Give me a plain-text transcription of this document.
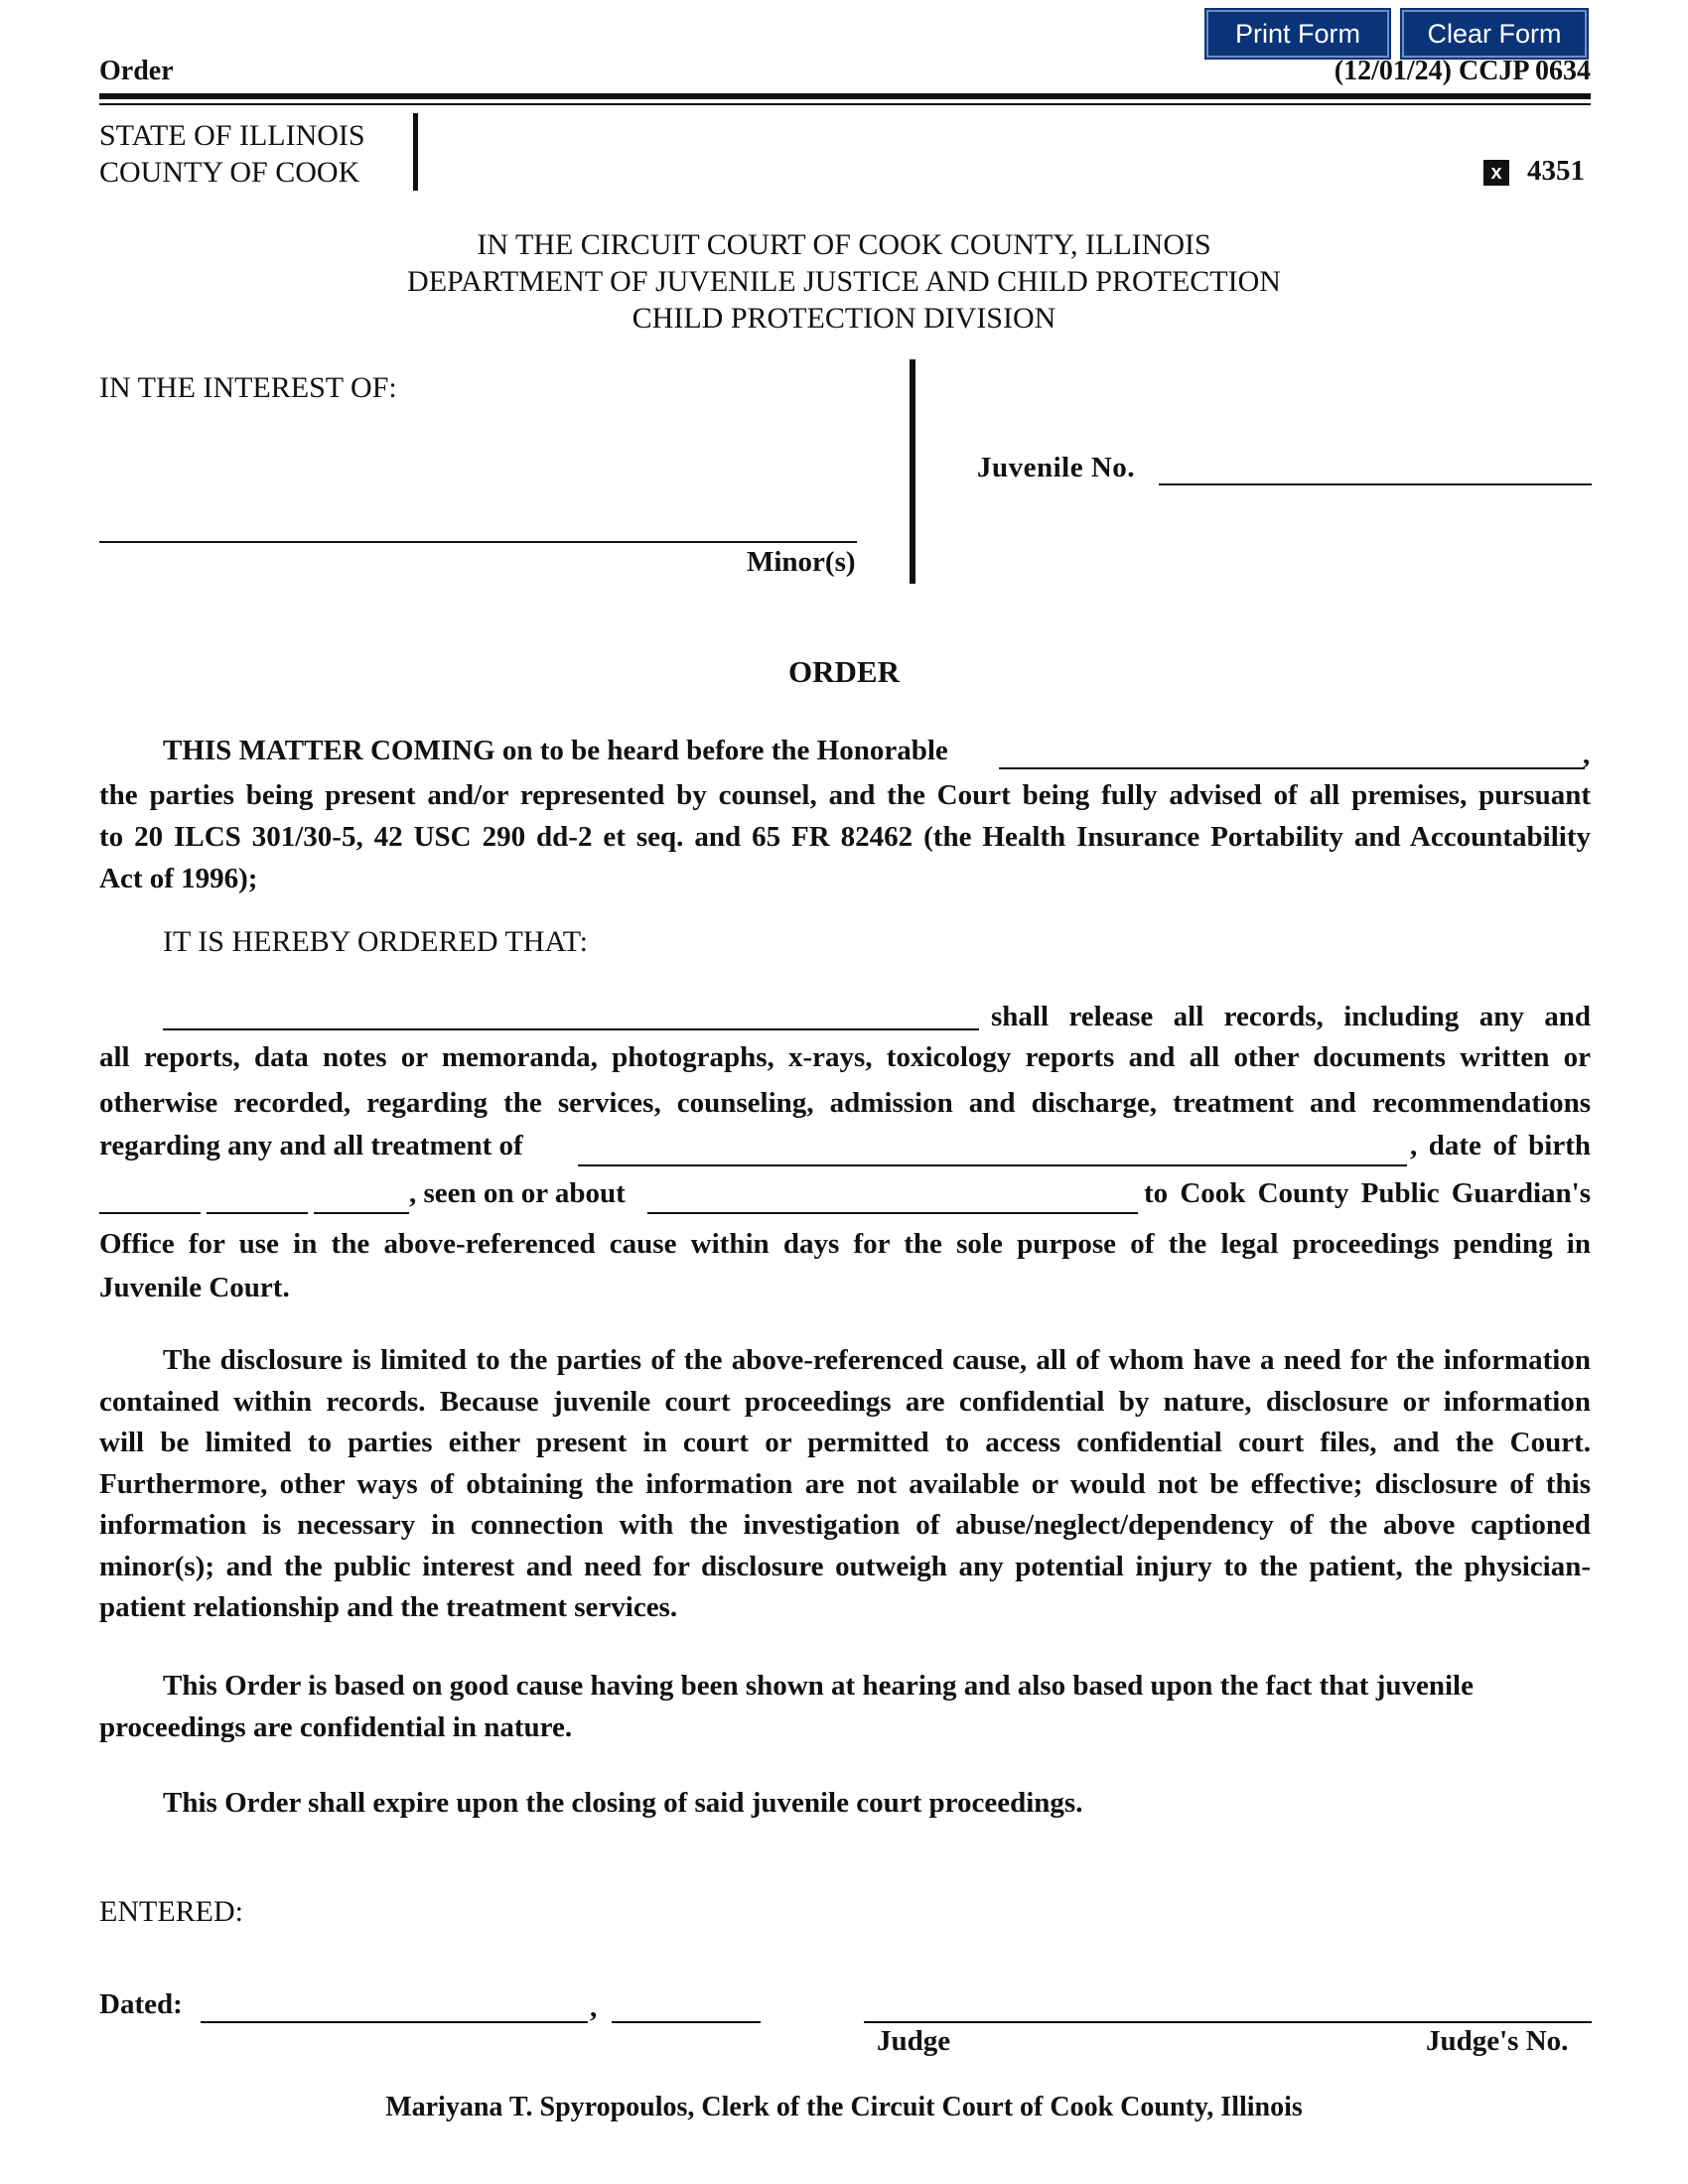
Print Form	Clear Form
Order	(12/01/24) CCJP 0634
STATE OF ILLINOIS
COUNTY OF COOK	x 4351
IN THE CIRCUIT COURT OF COOK COUNTY, ILLINOIS
DEPARTMENT OF JUVENILE JUSTICE AND CHILD PROTECTION
CHILD PROTECTION DIVISION
IN THE INTEREST OF:
Minor(s)
Juvenile No.
ORDER
THIS MATTER COMING on to be heard before the Honorable	,
the parties being present and/or represented by counsel, and the Court being fully advised of all premises, pursuant
to 20 ILCS 301/30-5, 42 USC 290 dd-2 et seq. and 65 FR 82462 (the Health Insurance Portability and Accountability
Act of 1996);
IT IS HEREBY ORDERED THAT:
shall release all records, including any and
all reports, data notes or memoranda, photographs, x-rays, toxicology reports and all other documents written or
otherwise recorded, regarding the services, counseling, admission and discharge, treatment and recommendations
regarding any and all treatment of	, date of birth
, seen on or about	to Cook County Public Guardian's
Office for use in the above-referenced cause within days for the sole purpose of the legal proceedings pending in
Juvenile Court.
The disclosure is limited to the parties of the above-referenced cause, all of whom have a need for the information
contained within records. Because juvenile court proceedings are confidential by nature, disclosure or information
will be limited to parties either present in court or permitted to access confidential court files, and the Court.
Furthermore, other ways of obtaining the information are not available or would not be effective; disclosure of this
information is necessary in connection with the investigation of abuse/neglect/dependency of the above captioned
minor(s); and the public interest and need for disclosure outweigh any potential injury to the patient, the physician-
patient relationship and the treatment services.
This Order is based on good cause having been shown at hearing and also based upon the fact that juvenile
proceedings are confidential in nature.
This Order shall expire upon the closing of said juvenile court proceedings.
ENTERED:
Dated:	,
Judge	Judge's No.
Mariyana T. Spyropoulos, Clerk of the Circuit Court of Cook County, Illinois
